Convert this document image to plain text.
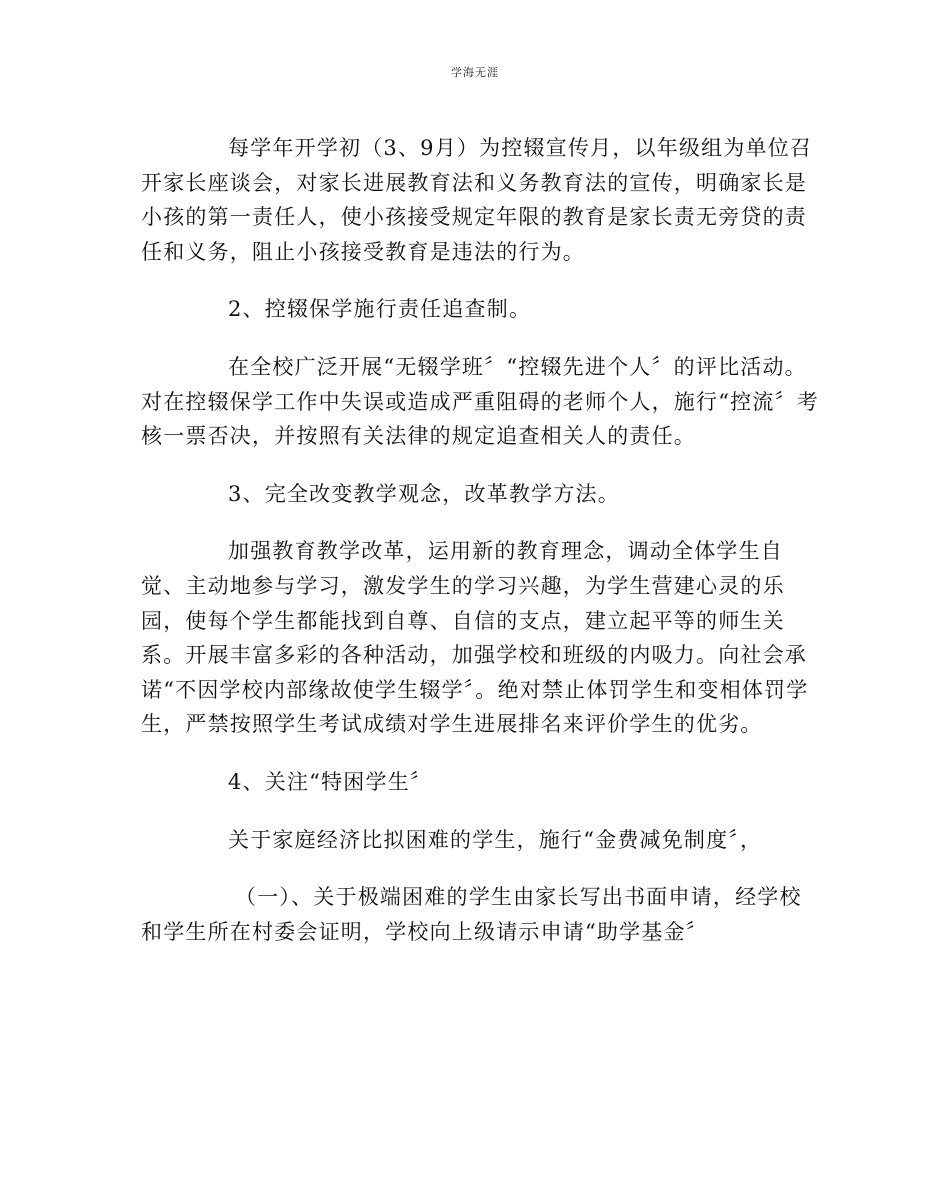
学海无涯
每学年开学初（3、9月）为控辍宣传月，以年级组为单位召
开家长座谈会，对家长进展教育法和义务教育法的宣传，明确家长是
小孩的第一责任人，使小孩接受规定年限的教育是家长责无旁贷的责
任和义务，阻止小孩接受教育是违法的行为。
2、控辍保学施行责任追查制。
在全校广泛开展“无辍学班〞“控辍先进个人〞的评比活动。
对在控辍保学工作中失误或造成严重阻碍的老师个人，施行“控流〞考
核一票否决，并按照有关法律的规定追查相关人的责任。
3、完全改变教学观念，改革教学方法。
加强教育教学改革，运用新的教育理念，调动全体学生自
觉、主动地参与学习，激发学生的学习兴趣，为学生营建心灵的乐
园，使每个学生都能找到自尊、自信的支点，建立起平等的师生关
系。开展丰富多彩的各种活动，加强学校和班级的内吸力。向社会承
诺“不因学校内部缘故使学生辍学〞。绝对禁止体罚学生和变相体罚学
生，严禁按照学生考试成绩对学生进展排名来评价学生的优劣。
4、关注“特困学生〞
关于家庭经济比拟困难的学生，施行“金费减免制度〞，
（一）、关于极端困难的学生由家长写出书面申请，经学校
和学生所在村委会证明，学校向上级请示申请“助学基金〞
